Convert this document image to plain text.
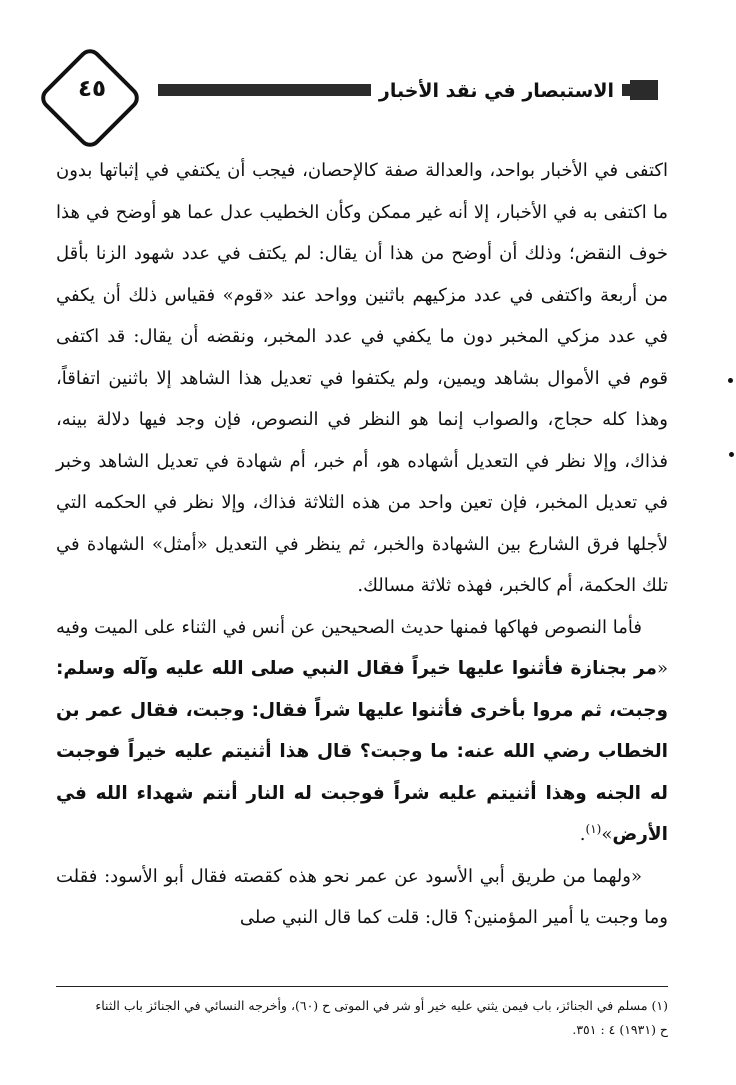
الاستبصار في نقد الأخبار
٤٥

اكتفى في الأخبار بواحد، والعدالة صفة كالإحصان، فيجب أن يكتفي في إثباتها بدون ما اكتفى به في الأخبار، إلا أنه غير ممكن وكأن الخطيب عدل عما هو أوضح في هذا خوف النقض؛ وذلك أن أوضح من هذا أن يقال: لم يكتف في عدد شهود الزنا بأقل من أربعة واكتفى في عدد مزكيهم باثنين وواحد عند «قوم» فقياس ذلك أن يكفي في عدد مزكي المخبر دون ما يكفي في عدد المخبر، ونقضه أن يقال: قد اكتفى قوم في الأموال بشاهد ويمين، ولم يكتفوا في تعديل هذا الشاهد إلا باثنين اتفاقاً، وهذا كله حجاج، والصواب إنما هو النظر في النصوص، فإن وجد فيها دلالة بينه، فذاك، وإلا نظر في التعديل أشهاده هو، أم خبر، أم شهادة في تعديل الشاهد وخبر في تعديل المخبر، فإن تعين واحد من هذه الثلاثة فذاك، وإلا نظر في الحكمه التي لأجلها فرق الشارع بين الشهادة والخبر، ثم ينظر في التعديل «أمثل» الشهادة في تلك الحكمة، أم كالخبر، فهذه ثلاثة مسالك.

فأما النصوص فهاكها فمنها حديث الصحيحين عن أنس في الثناء على الميت وفيه «مر بجنازة فأثنوا عليها خيراً فقال النبي صلى الله عليه وآله وسلم: وجبت، ثم مروا بأخرى فأثنوا عليها شراً فقال: وجبت، فقال عمر بن الخطاب رضي الله عنه: ما وجبت؟ قال هذا أثنيتم عليه خيراً فوجبت له الجنه وهذا أثنيتم عليه شراً فوجبت له النار أنتم شهداء الله في الأرض»$^{(١)}$.

«ولهما من طريق أبي الأسود عن عمر نحو هذه كقصته فقال أبو الأسود: فقلت وما وجبت يا أمير المؤمنين؟ قال: قلت كما قال النبي صلى

(١) مسلم في الجنائز، باب فيمن يثني عليه خير أو شر في الموتى ح (٦٠)، وأخرجه النسائي في الجنائز باب الثناء

ح (١٩٣١) ٤ : ٣٥١.
